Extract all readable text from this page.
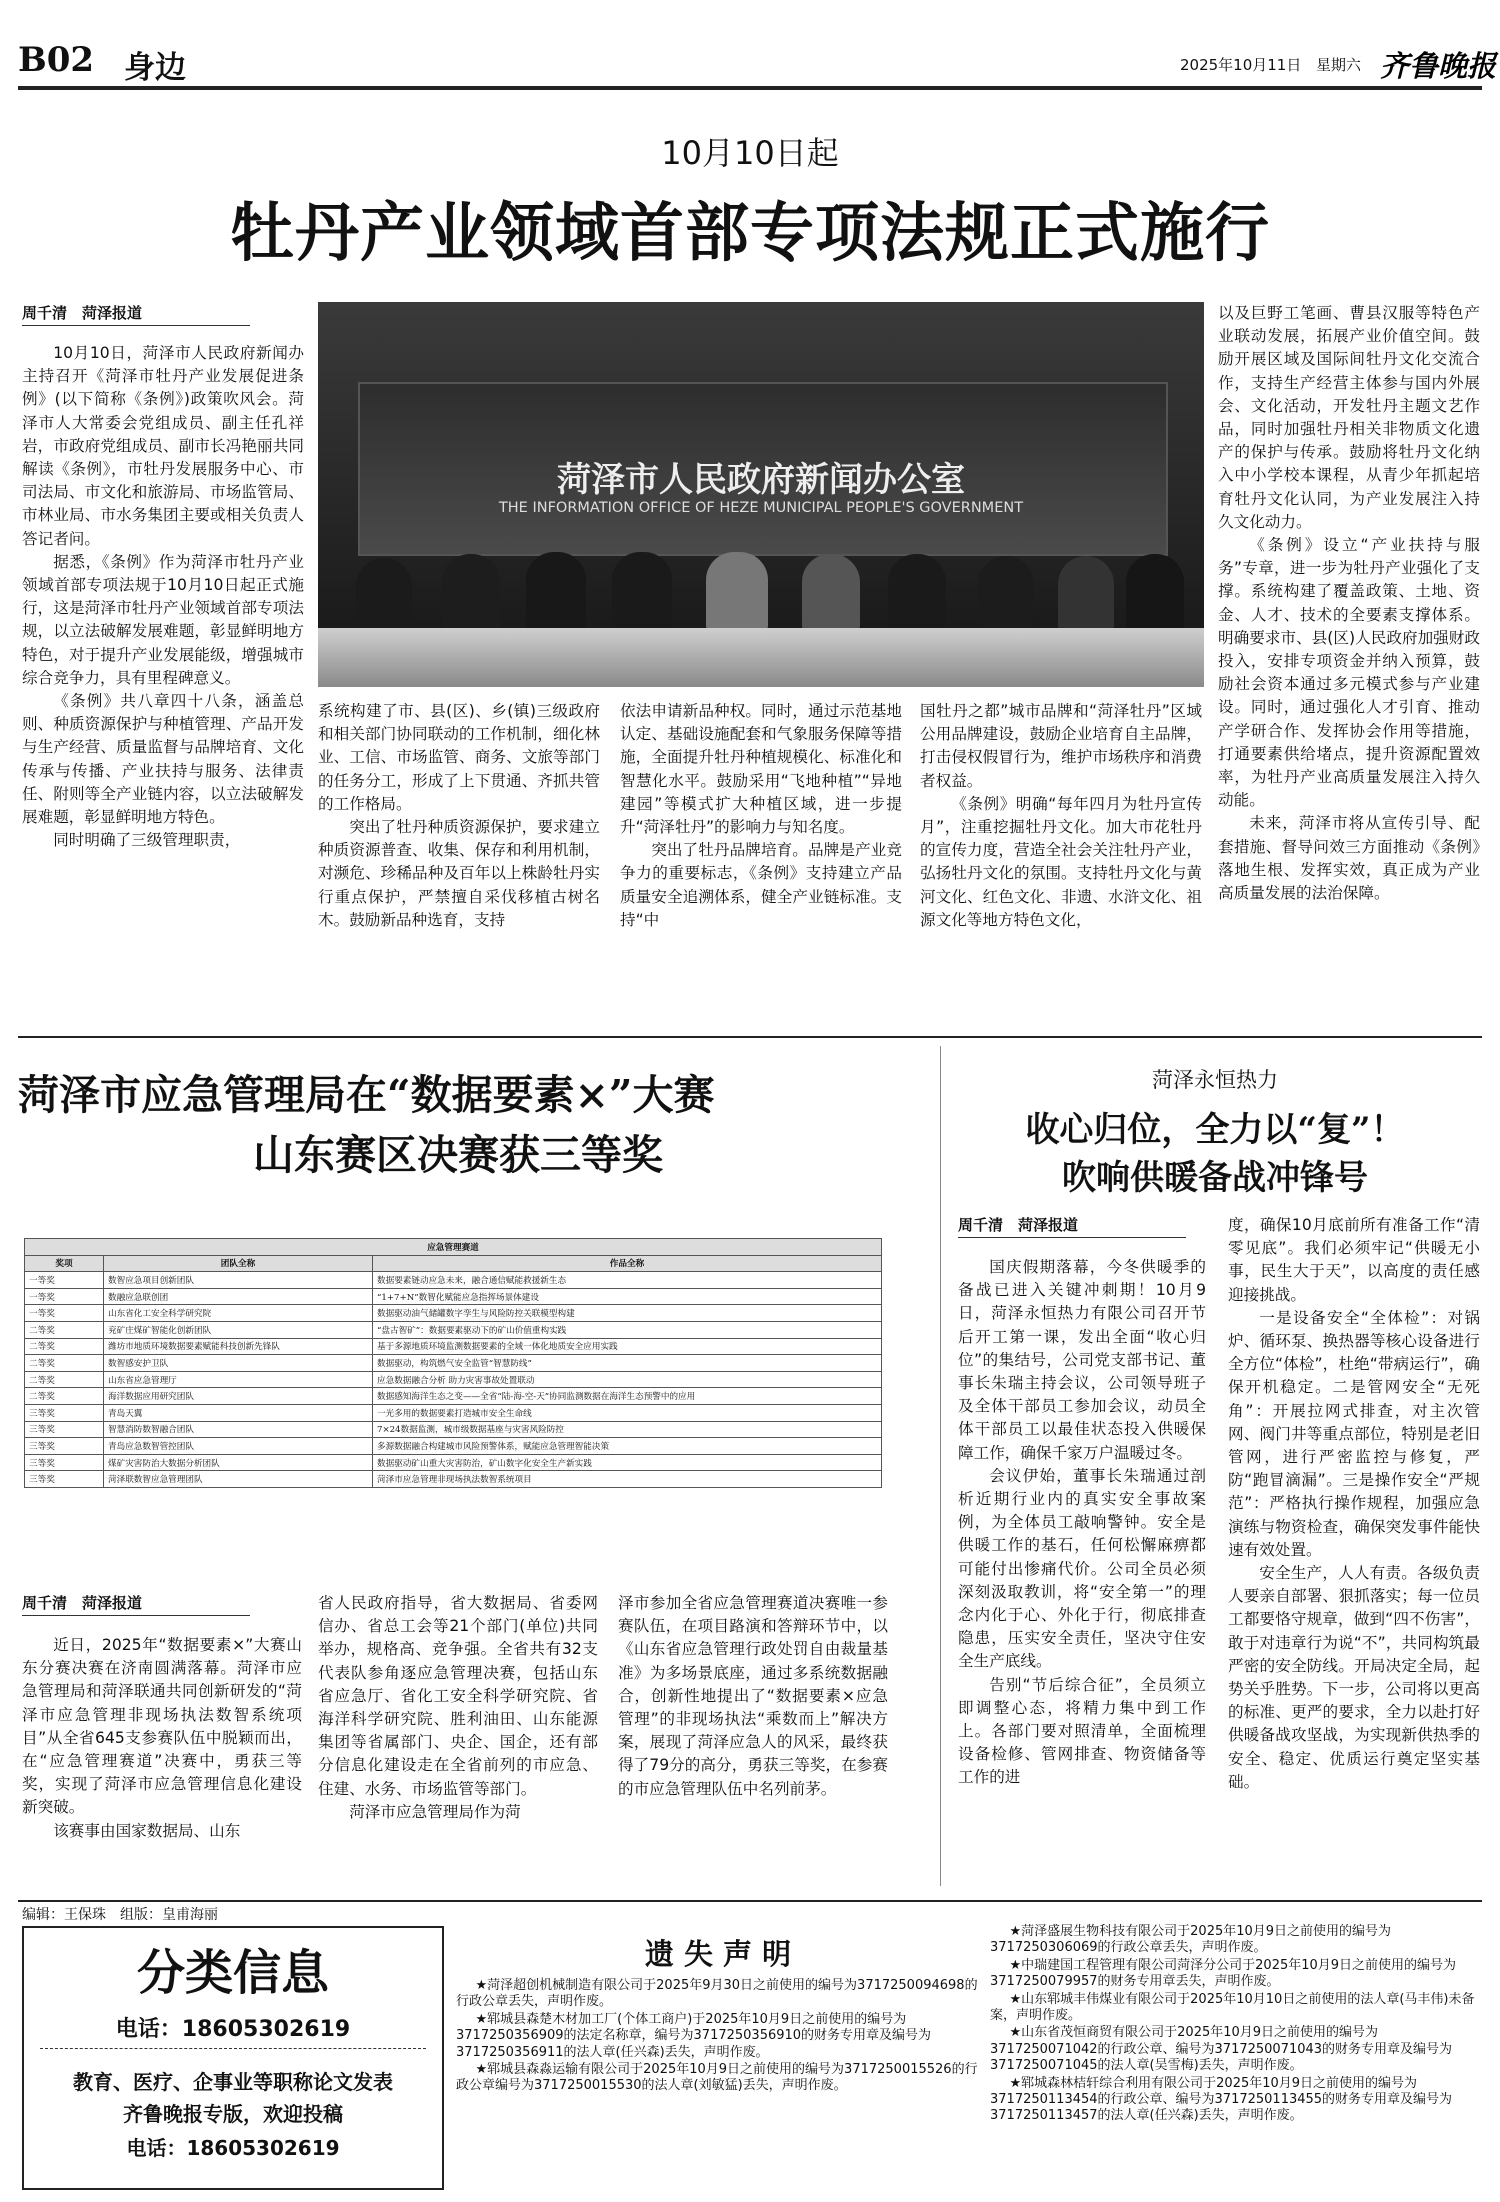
B02 身边	2025年10月11日 星期六 齐鲁晚报
10月10日起
牡丹产业领域首部专项法规正式施行
周千清　菏泽报道

10月10日，菏泽市人民政府新闻办主持召开《菏泽市牡丹产业发展促进条例》(以下简称《条例》)政策吹风会。菏泽市人大常委会党组成员、副主任孔祥岩，市政府党组成员、副市长冯艳丽共同解读《条例》，市牡丹发展服务中心、市司法局、市文化和旅游局、市场监管局、市林业局、市水务集团主要或相关负责人答记者问。

据悉，《条例》作为菏泽市牡丹产业领域首部专项法规于10月10日起正式施行，这是菏泽市牡丹产业领域首部专项法规，以立法破解发展难题，彰显鲜明地方特色，对于提升产业发展能级，增强城市综合竞争力，具有里程碑意义。

《条例》共八章四十八条，涵盖总则、种质资源保护与种植管理、产品开发与生产经营、质量监督与品牌培育、文化传承与传播、产业扶持与服务、法律责任、附则等全产业链内容，以立法破解发展难题，彰显鲜明地方特色。

同时明确了三级管理职责，

菏泽市人民政府新闻办公室
THE INFORMATION OFFICE OF HEZE MUNICIPAL PEOPLE'S GOVERNMENT

系统构建了市、县(区)、乡(镇)三级政府和相关部门协同联动的工作机制，细化林业、工信、市场监管、商务、文旅等部门的任务分工，形成了上下贯通、齐抓共管的工作格局。

突出了牡丹种质资源保护，要求建立种质资源普查、收集、保存和利用机制，对濒危、珍稀品种及百年以上株龄牡丹实行重点保护，严禁擅自采伐移植古树名木。鼓励新品种选育，支持

依法申请新品种权。同时，通过示范基地认定、基础设施配套和气象服务保障等措施，全面提升牡丹种植规模化、标准化和智慧化水平。鼓励采用“飞地种植”“异地建园”等模式扩大种植区域，进一步提升“菏泽牡丹”的影响力与知名度。

突出了牡丹品牌培育。品牌是产业竞争力的重要标志，《条例》支持建立产品质量安全追溯体系，健全产业链标准。支持“中

国牡丹之都”城市品牌和“菏泽牡丹”区域公用品牌建设，鼓励企业培育自主品牌，打击侵权假冒行为，维护市场秩序和消费者权益。

《条例》明确“每年四月为牡丹宣传月”，注重挖掘牡丹文化。加大市花牡丹的宣传力度，营造全社会关注牡丹产业，弘扬牡丹文化的氛围。支持牡丹文化与黄河文化、红色文化、非遗、水浒文化、祖源文化等地方特色文化，

以及巨野工笔画、曹县汉服等特色产业联动发展，拓展产业价值空间。鼓励开展区域及国际间牡丹文化交流合作，支持生产经营主体参与国内外展会、文化活动，开发牡丹主题文艺作品，同时加强牡丹相关非物质文化遗产的保护与传承。鼓励将牡丹文化纳入中小学校本课程，从青少年抓起培育牡丹文化认同，为产业发展注入持久文化动力。

《条例》设立“产业扶持与服务”专章，进一步为牡丹产业强化了支撑。系统构建了覆盖政策、土地、资金、人才、技术的全要素支撑体系。明确要求市、县(区)人民政府加强财政投入，安排专项资金并纳入预算，鼓励社会资本通过多元模式参与产业建设。同时，通过强化人才引育、推动产学研合作、发挥协会作用等措施，打通要素供给堵点，提升资源配置效率，为牡丹产业高质量发展注入持久动能。

未来，菏泽市将从宣传引导、配套措施、督导问效三方面推动《条例》落地生根、发挥实效，真正成为产业高质量发展的法治保障。

菏泽市应急管理局在“数据要素×”大赛
山东赛区决赛获三等奖
应急管理赛道		
奖项	团队全称	作品全称
一等奖	数智应急项目创新团队	数据要素链动应急未来，融合通信赋能救援新生态
一等奖	数融应急联创团	“1+7+N”数智化赋能应急指挥场景体建设
一等奖	山东省化工安全科学研究院	数据驱动油气储罐数字孪生与风险防控关联模型构建
二等奖	兖矿庄煤矿智能化创新团队	“盘古智矿”：数据要素驱动下的矿山价值重构实践
二等奖	潍坊市地质环境数据要素赋能科技创新先锋队	基于多源地质环境监测数据要素的全域一体化地质安全应用实践
二等奖	数智感安护卫队	数据驱动，构筑燃气安全监管“智慧防线”
二等奖	山东省应急管理厅	应急数据融合分析 助力灾害事故处置联动
二等奖	海洋数据应用研究团队	数据感知海洋生态之变——全省“陆-海-空-天”协同监测数据在海洋生态预警中的应用
三等奖	青岛天翼	一光多用的数据要素打造城市安全生命线
三等奖	智慧消防数智融合团队	7×24数据监测，城市级数据基座与灾害风险防控
三等奖	青岛应急数智管控团队	多源数据融合构建城市风险预警体系，赋能应急管理智能决策
三等奖	煤矿灾害防治大数据分析团队	数据驱动矿山重大灾害防治，矿山数字化安全生产新实践
三等奖	菏泽联数智应急管理团队	菏泽市应急管理非现场执法数智系统项目
周千清　菏泽报道

近日，2025年“数据要素×”大赛山东分赛决赛在济南圆满落幕。菏泽市应急管理局和菏泽联通共同创新研发的“菏泽市应急管理非现场执法数智系统项目”从全省645支参赛队伍中脱颖而出，在“应急管理赛道”决赛中，勇获三等奖，实现了菏泽市应急管理信息化建设新突破。

该赛事由国家数据局、山东

省人民政府指导，省大数据局、省委网信办、省总工会等21个部门(单位)共同举办，规格高、竞争强。全省共有32支代表队参角逐应急管理决赛，包括山东省应急厅、省化工安全科学研究院、省海洋科学研究院、胜利油田、山东能源集团等省属部门、央企、国企，还有部分信息化建设走在全省前列的市应急、住建、水务、市场监管等部门。

菏泽市应急管理局作为菏

泽市参加全省应急管理赛道决赛唯一参赛队伍，在项目路演和答辩环节中，以《山东省应急管理行政处罚自由裁量基准》为多场景底座，通过多系统数据融合，创新性地提出了“数据要素×应急管理”的非现场执法“乘数而上”解决方案，展现了菏泽应急人的风采，最终获得了79分的高分，勇获三等奖，在参赛的市应急管理队伍中名列前茅。

菏泽永恒热力
收心归位，全力以“复”！
吹响供暖备战冲锋号
周千清　菏泽报道

国庆假期落幕，今冬供暖季的备战已进入关键冲刺期！10月9日，菏泽永恒热力有限公司召开节后开工第一课，发出全面“收心归位”的集结号，公司党支部书记、董事长朱瑞主持会议，公司领导班子及全体干部员工参加会议，动员全体干部员工以最佳状态投入供暖保障工作，确保千家万户温暖过冬。

会议伊始，董事长朱瑞通过剖析近期行业内的真实安全事故案例，为全体员工敲响警钟。安全是供暖工作的基石，任何松懈麻痹都可能付出惨痛代价。公司全员必须深刻汲取教训，将“安全第一”的理念内化于心、外化于行，彻底排查隐患，压实安全责任，坚决守住安全生产底线。

告别“节后综合征”，全员须立即调整心态，将精力集中到工作上。各部门要对照清单，全面梳理设备检修、管网排查、物资储备等工作的进

度，确保10月底前所有准备工作“清零见底”。我们必须牢记“供暖无小事，民生大于天”，以高度的责任感迎接挑战。

一是设备安全“全体检”：对锅炉、循环泵、换热器等核心设备进行全方位“体检”，杜绝“带病运行”，确保开机稳定。二是管网安全“无死角”：开展拉网式排查，对主次管网、阀门井等重点部位，特别是老旧管网，进行严密监控与修复，严防“跑冒滴漏”。三是操作安全“严规范”：严格执行操作规程，加强应急演练与物资检查，确保突发事件能快速有效处置。

安全生产，人人有责。各级负责人要亲自部署、狠抓落实；每一位员工都要恪守规章，做到“四不伤害”，敢于对违章行为说“不”，共同构筑最严密的安全防线。开局决定全局，起势关乎胜势。下一步，公司将以更高的标准、更严的要求，全力以赴打好供暖备战攻坚战，为实现新供热季的安全、稳定、优质运行奠定坚实基础。

编辑：王保珠　组版：皇甫海丽
分类信息
电话：18605302619
教育、医疗、企事业等职称论文发表
齐鲁晚报专版，欢迎投稿
电话：18605302619
遗 失 声 明

★菏泽超创机械制造有限公司于2025年9月30日之前使用的编号为3717250094698的行政公章丢失，声明作废。

★郓城县森楚木材加工厂(个体工商户)于2025年10月9日之前使用的编号为3717250356909的法定名称章，编号为3717250356910的财务专用章及编号为3717250356911的法人章(任兴森)丢失，声明作废。

★郓城县森淼运输有限公司于2025年10月9日之前使用的编号为3717250015526的行政公章编号为3717250015530的法人章(刘敏猛)丢失，声明作废。

★菏泽盛展生物科技有限公司于2025年10月9日之前使用的编号为3717250306069的行政公章丢失，声明作废。

★中瑞建国工程管理有限公司菏泽分公司于2025年10月9日之前使用的编号为3717250079957的财务专用章丢失，声明作废。

★山东郓城丰伟煤业有限公司于2025年10月10日之前使用的法人章(马丰伟)未备案，声明作废。

★山东省茂恒商贸有限公司于2025年10月9日之前使用的编号为3717250071042的行政公章、编号为3717250071043的财务专用章及编号为3717250071045的法人章(吴雪梅)丢失，声明作废。

★郓城森林桔轩综合利用有限公司于2025年10月9日之前使用的编号为3717250113454的行政公章、编号为3717250113455的财务专用章及编号为3717250113457的法人章(任兴森)丢失，声明作废。
